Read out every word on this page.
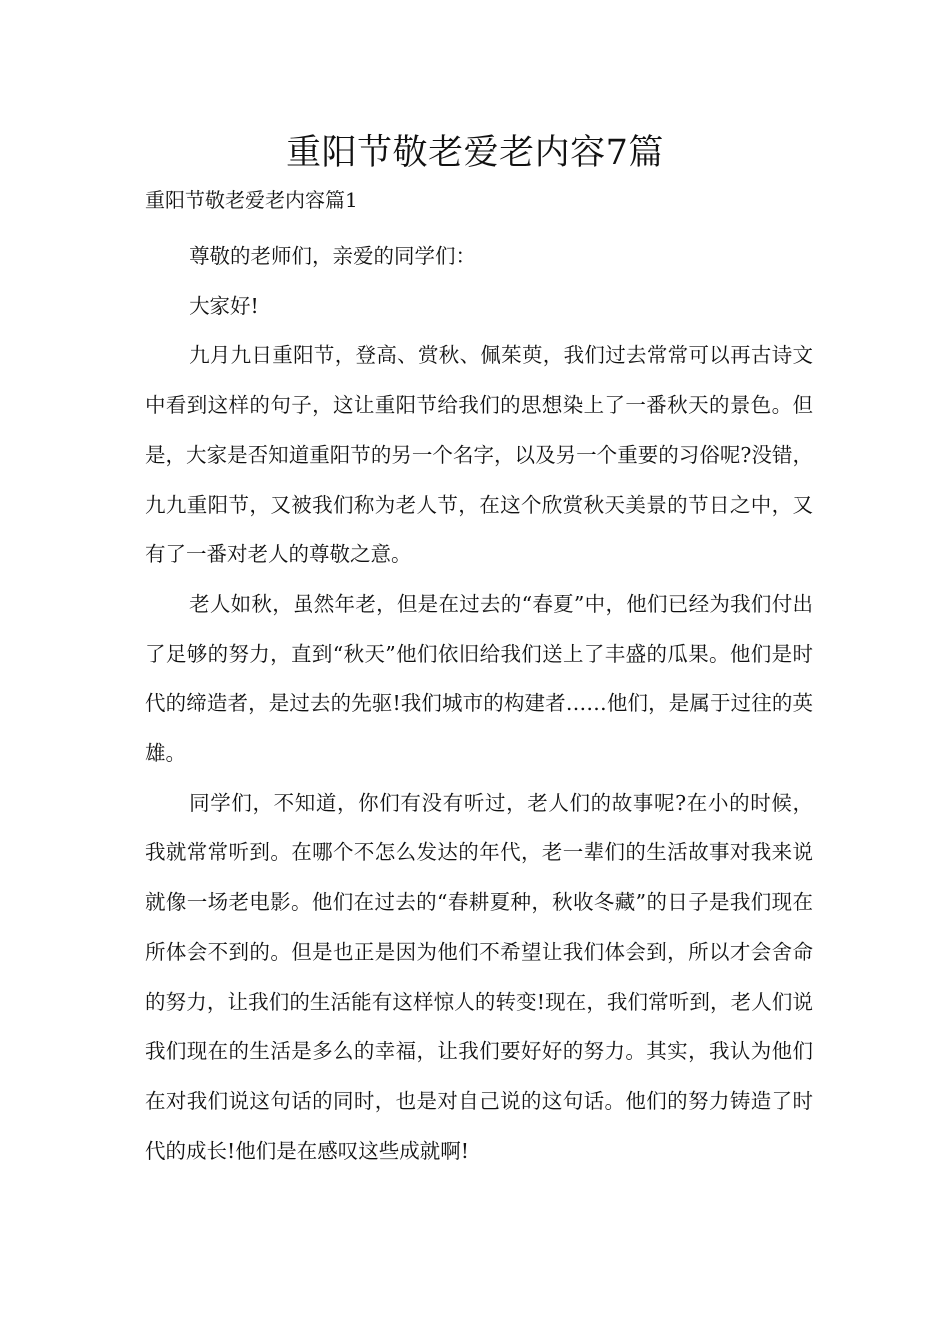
重阳节敬老爱老内容7篇
重阳节敬老爱老内容篇1

尊敬的老师们，亲爱的同学们：

大家好!

九月九日重阳节，登高、赏秋、佩茱萸，我们过去常常可以再古诗文中看到这样的句子，这让重阳节给我们的思想染上了一番秋天的景色。但是，大家是否知道重阳节的另一个名字，以及另一个重要的习俗呢?没错，九九重阳节，又被我们称为老人节，在这个欣赏秋天美景的节日之中，又有了一番对老人的尊敬之意。

老人如秋，虽然年老，但是在过去的“春夏”中，他们已经为我们付出了足够的努力，直到“秋天”他们依旧给我们送上了丰盛的瓜果。他们是时代的缔造者，是过去的先驱!我们城市的构建者……他们，是属于过往的英雄。

同学们，不知道，你们有没有听过，老人们的故事呢?在小的时候，我就常常听到。在哪个不怎么发达的年代，老一辈们的生活故事对我来说就像一场老电影。他们在过去的“春耕夏种，秋收冬藏”的日子是我们现在所体会不到的。但是也正是因为他们不希望让我们体会到，所以才会舍命的努力，让我们的生活能有这样惊人的转变!现在，我们常听到，老人们说我们现在的生活是多么的幸福，让我们要好好的努力。其实，我认为他们在对我们说这句话的同时，也是对自己说的这句话。他们的努力铸造了时代的成长!他们是在感叹这些成就啊!
